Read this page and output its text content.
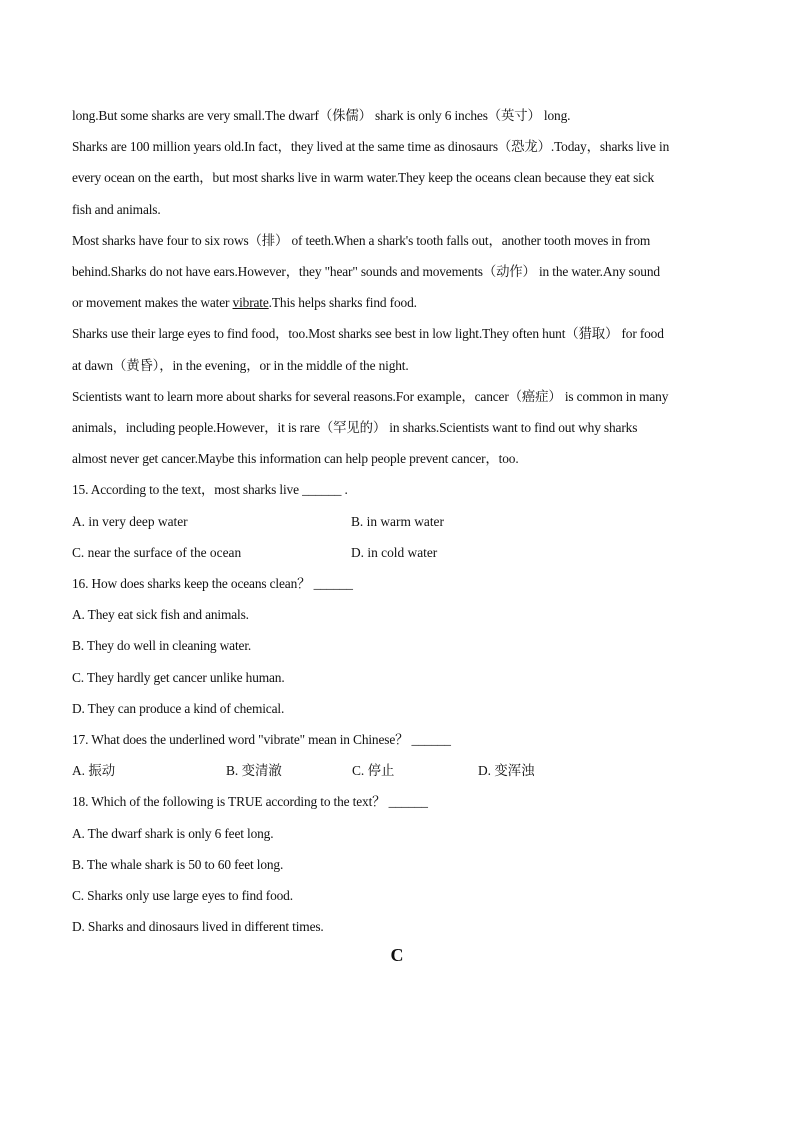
long.But some sharks are very small.The dwarf（侏儒） shark is only 6 inches（英寸） long.

Sharks are 100 million years old.In fact，they lived at the same time as dinosaurs（恐龙）.Today，sharks live in
every ocean on the earth，but most sharks live in warm water.They keep the oceans clean because they eat sick
fish and animals.

Most sharks have four to six rows（排） of teeth.When a shark's tooth falls out，another tooth moves in from
behind.Sharks do not have ears.However，they "hear" sounds and movements（动作） in the water.Any sound
or movement makes the water vibrate.This helps sharks find food.

Sharks use their large eyes to find food，too.Most sharks see best in low light.They often hunt（猎取） for food
at dawn（黄昏），in the evening，or in the middle of the night.

Scientists want to learn more about sharks for several reasons.For example，cancer（癌症） is common in many
animals，including people.However，it is rare（罕见的） in sharks.Scientists want to find out why sharks
almost never get cancer.Maybe this information can help people prevent cancer，too.

15. According to the text，most sharks live ______ .

A. in very deep water	B. in warm water
C. near the surface of the ocean	D. in cold water

16. How does sharks keep the oceans clean？ ______

A. They eat sick fish and animals.

B. They do well in cleaning water.

C. They hardly get cancer unlike human.

D. They can produce a kind of chemical.

17. What does the underlined word "vibrate" mean in Chinese？ ______

A. 振动	B. 变清澈	C. 停止	D. 变浑浊

18. Which of the following is TRUE according to the text？ ______

A. The dwarf shark is only 6 feet long.

B. The whale shark is 50 to 60 feet long.

C. Sharks only use large eyes to find food.

D. Sharks and dinosaurs lived in different times.

C
